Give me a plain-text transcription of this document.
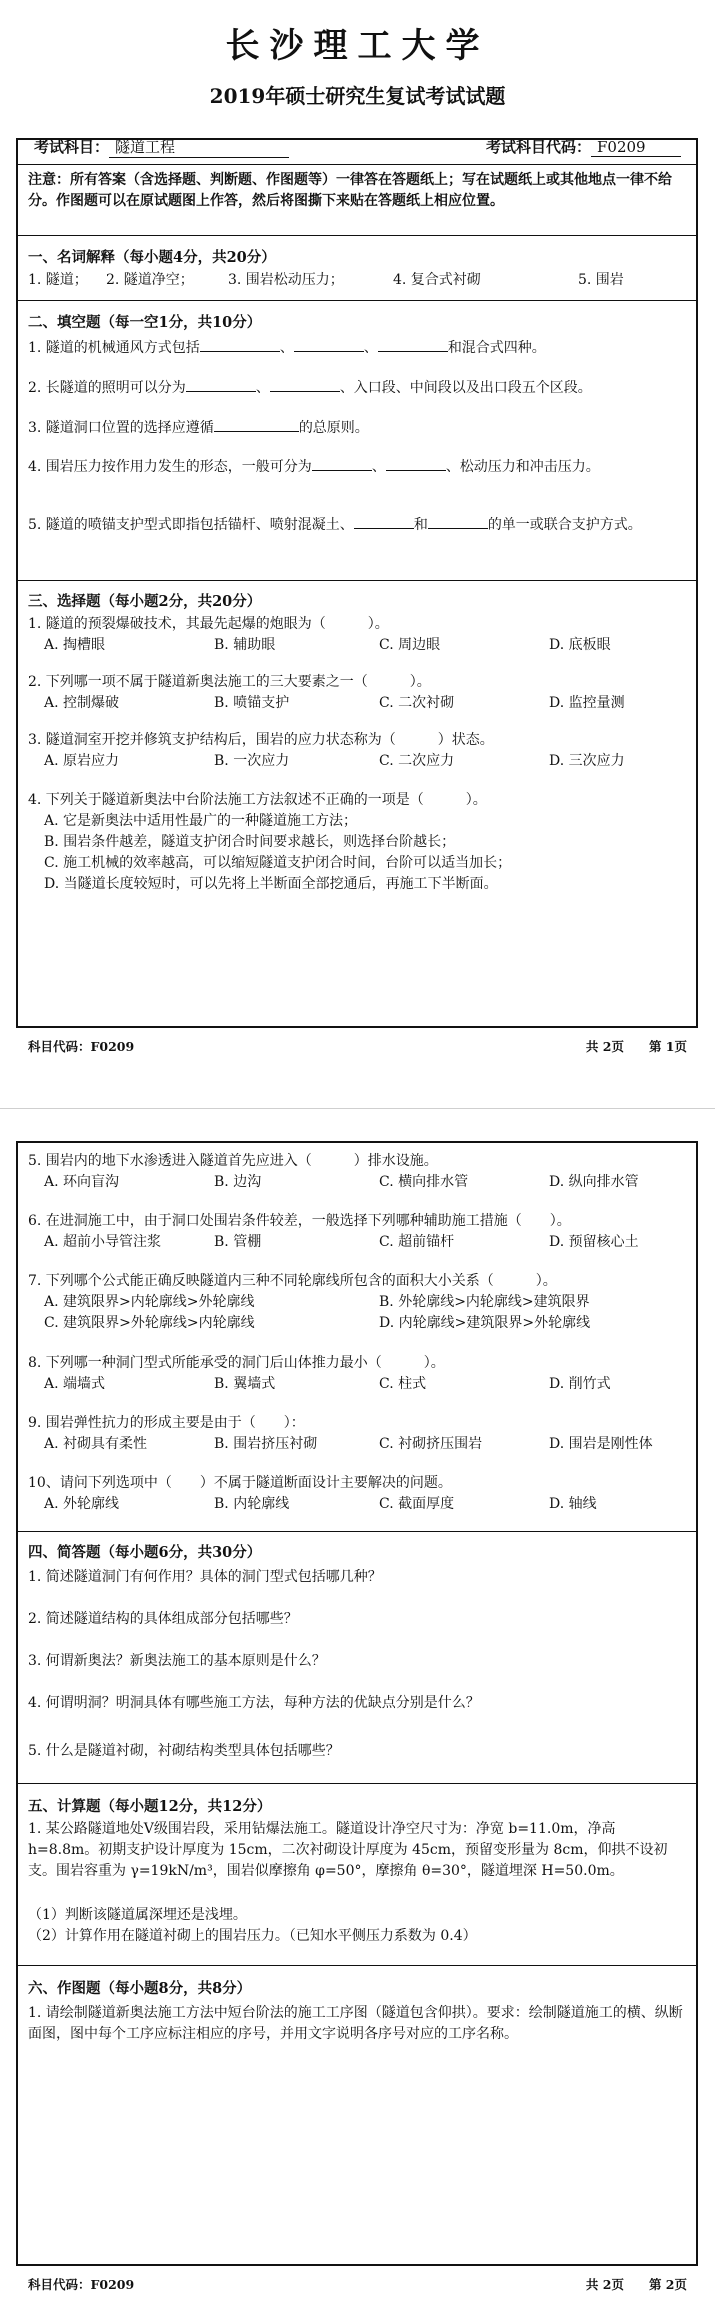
长沙理工大学
2019年硕士研究生复试考试试题
考试科目： 隧道工程	考试科目代码： F0209
注意：所有答案（含选择题、判断题、作图题等）一律答在答题纸上；写在试题纸上或其他地点一律不给分。作图题可以在原试题图上作答，然后将图撕下来贴在答题纸上相应位置。
一、名词解释（每小题4分，共20分）
1. 隧道； 2. 隧道净空； 3. 围岩松动压力；	4. 复合式衬砌	5. 围岩
二、填空题（每一空1分，共10分）
1. 隧道的机械通风方式包括	、	、	和混合式四种。
2. 长隧道的照明可以分为	、	、入口段、中间段以及出口段五个区段。
3. 隧道洞口位置的选择应遵循	的总原则。
4. 围岩压力按作用力发生的形态，一般可分为	、	、松动压力和冲击压力。
5. 隧道的喷锚支护型式即指包括锚杆、喷射混凝土、	和	的单一或联合支护方式。
三、选择题（每小题2分，共20分）
1. 隧道的预裂爆破技术，其最先起爆的炮眼为（　　　）。
A. 掏槽眼	B. 辅助眼	C. 周边眼	D. 底板眼
2. 下列哪一项不属于隧道新奥法施工的三大要素之一（　　　）。
A. 控制爆破	B. 喷锚支护	C. 二次衬砌	D. 监控量测
3. 隧道洞室开挖并修筑支护结构后，围岩的应力状态称为（　　　）状态。
A. 原岩应力	B. 一次应力	C. 二次应力	D. 三次应力
4. 下列关于隧道新奥法中台阶法施工方法叙述不正确的一项是（　　　）。
A. 它是新奥法中适用性最广的一种隧道施工方法；
B. 围岩条件越差，隧道支护闭合时间要求越长，则选择台阶越长；
C. 施工机械的效率越高，可以缩短隧道支护闭合时间，台阶可以适当加长；
D. 当隧道长度较短时，可以先将上半断面全部挖通后，再施工下半断面。
科目代码：F0209	共 2页　　第 1页
5. 围岩内的地下水渗透进入隧道首先应进入（　　　）排水设施。
A. 环向盲沟	B. 边沟	C. 横向排水管	D. 纵向排水管
6. 在进洞施工中，由于洞口处围岩条件较差，一般选择下列哪种辅助施工措施（　　）。
A. 超前小导管注浆	B. 管棚	C. 超前锚杆	D. 预留核心土
7. 下列哪个公式能正确反映隧道内三种不同轮廓线所包含的面积大小关系（　　　）。
A. 建筑限界>内轮廓线>外轮廓线	B. 外轮廓线>内轮廓线>建筑限界
C. 建筑限界>外轮廓线>内轮廓线	D. 内轮廓线>建筑限界>外轮廓线
8. 下列哪一种洞门型式所能承受的洞门后山体推力最小（　　　）。
A. 端墙式	B. 翼墙式	C. 柱式	D. 削竹式
9. 围岩弹性抗力的形成主要是由于（　　）：
A. 衬砌具有柔性	B. 围岩挤压衬砌	C. 衬砌挤压围岩	D. 围岩是刚性体
10、请问下列选项中（　　）不属于隧道断面设计主要解决的问题。
A. 外轮廓线	B. 内轮廓线	C. 截面厚度	D. 轴线
四、简答题（每小题6分，共30分）
1. 简述隧道洞门有何作用？具体的洞门型式包括哪几种？
2. 简述隧道结构的具体组成部分包括哪些？
3. 何谓新奥法？新奥法施工的基本原则是什么？
4. 何谓明洞？明洞具体有哪些施工方法，每种方法的优缺点分别是什么？
5. 什么是隧道衬砌，衬砌结构类型具体包括哪些？
五、计算题（每小题12分，共12分）
1. 某公路隧道地处Ⅴ级围岩段，采用钻爆法施工。隧道设计净空尺寸为：净宽 b=11.0m，净高 h=8.8m。初期支护设计厚度为 15cm，二次衬砌设计厚度为 45cm，预留变形量为 8cm，仰拱不设初支。围岩容重为 γ=19kN/m³，围岩似摩擦角 φ=50°，摩擦角 θ=30°，隧道埋深 H=50.0m。
（1）判断该隧道属深埋还是浅埋。
（2）计算作用在隧道衬砌上的围岩压力。（已知水平侧压力系数为 0.4）
六、作图题（每小题8分，共8分）
1. 请绘制隧道新奥法施工方法中短台阶法的施工工序图（隧道包含仰拱）。要求：绘制隧道施工的横、纵断面图，图中每个工序应标注相应的序号，并用文字说明各序号对应的工序名称。
科目代码：F0209	共 2页　　第 2页
